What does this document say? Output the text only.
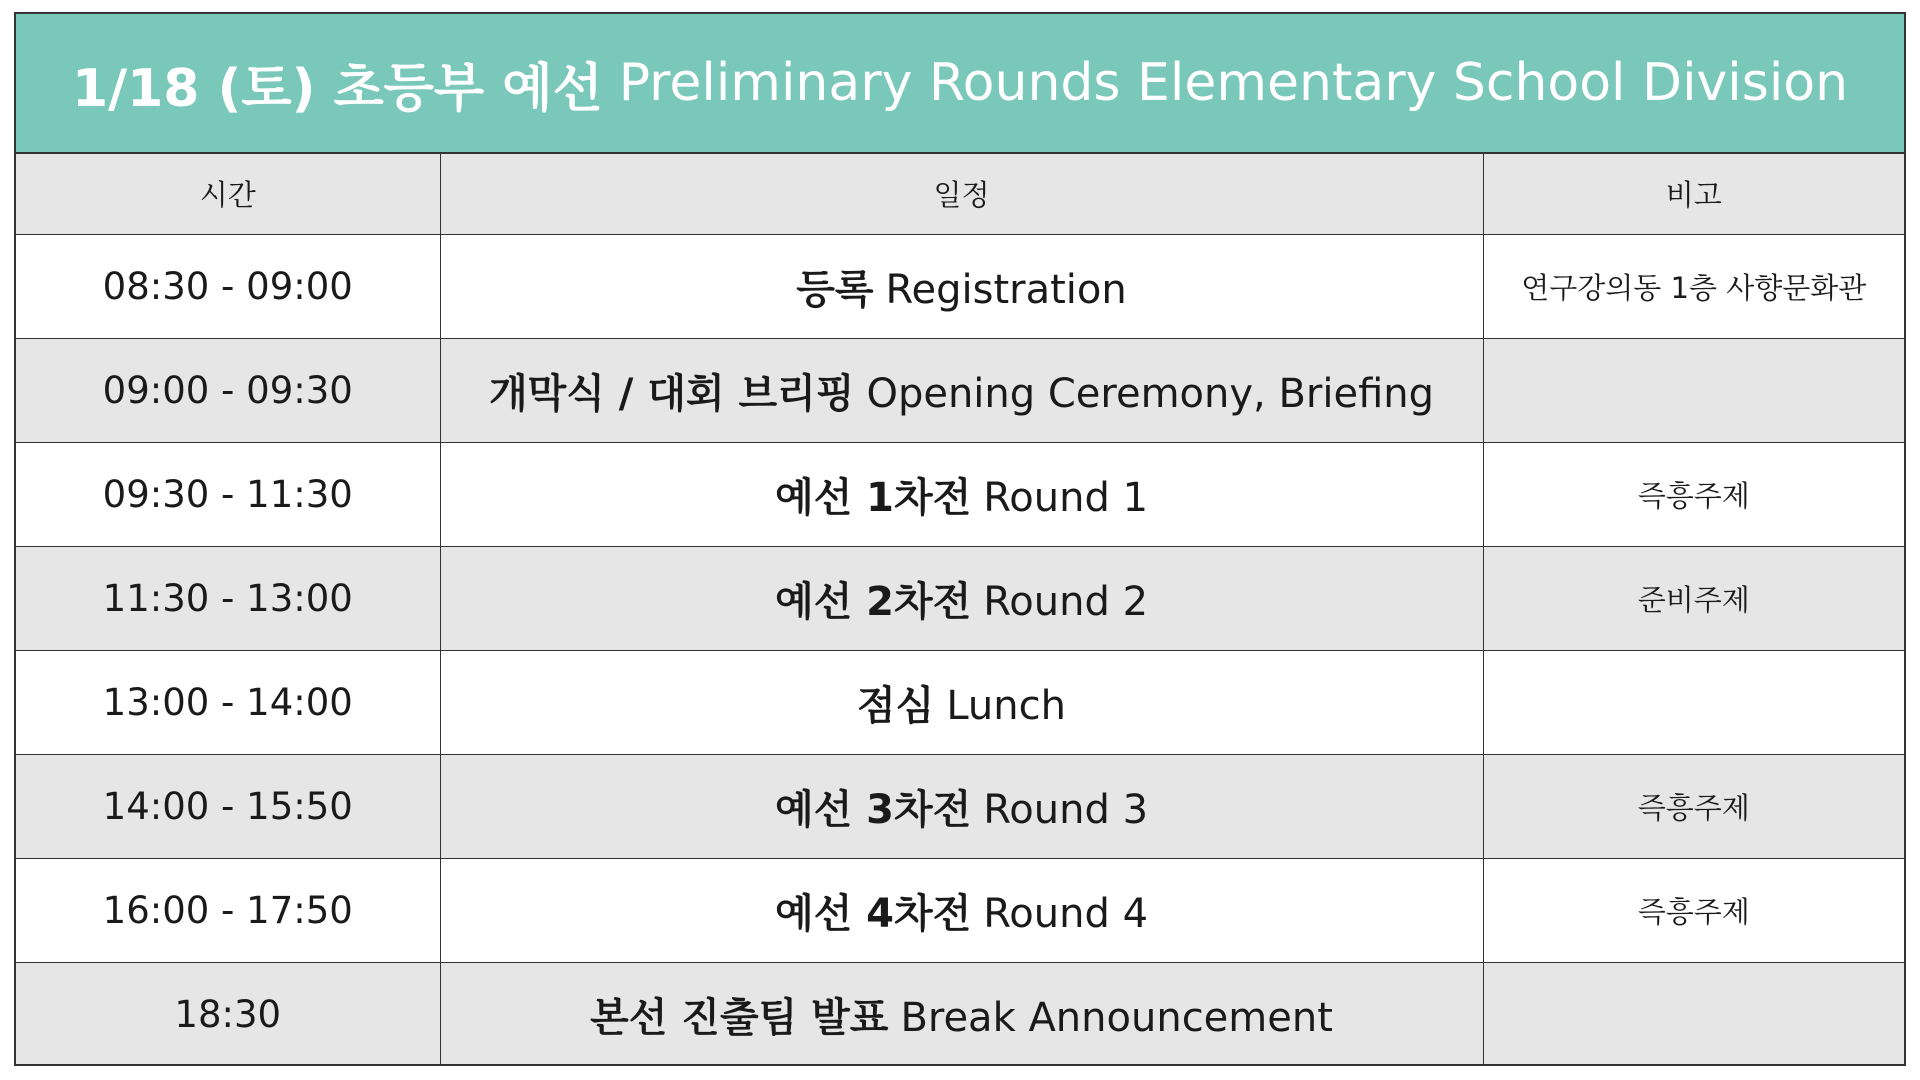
1/18 (토) 초등부 예선 Preliminary Rounds Elementary School Division
시간	일정	비고
08:30 - 09:00	등록 Registration	연구강의동 1층 사향문화관
09:00 - 09:30	개막식 / 대회 브리핑 Opening Ceremony, Briefing	
09:30 - 11:30	예선 1차전 Round 1	즉흥주제
11:30 - 13:00	예선 2차전 Round 2	준비주제
13:00 - 14:00	점심 Lunch	
14:00 - 15:50	예선 3차전 Round 3	즉흥주제
16:00 - 17:50	예선 4차전 Round 4	즉흥주제
18:30	본선 진출팀 발표 Break Announcement	
